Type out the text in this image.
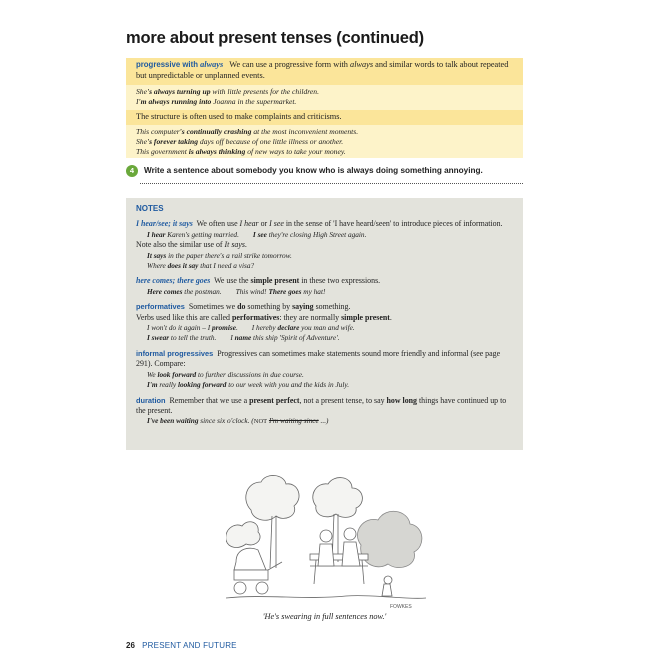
more about present tenses (continued)
progressive with always We can use a progressive form with always and similar words to talk about repeated but unpredictable or unplanned events.
She's always turning up with little presents for the children.
I'm always running into Joanna in the supermarket.
The structure is often used to make complaints and criticisms.
This computer's continually crashing at the most inconvenient moments.
She's forever taking days off because of one little illness or another.
This government is always thinking of new ways to take your money.
4 Write a sentence about somebody you know who is always doing something annoying.
NOTES
I hear/see; it says We often use I hear or I see in the sense of 'I have heard/seen' to introduce pieces of information.
I hear Karen's getting married. I see they're closing High Street again.
Note also the similar use of It says.
It says in the paper there's a rail strike tomorrow.
Where does it say that I need a visa?
here comes; there goes We use the simple present in these two expressions.
Here comes the postman. This wind! There goes my hat!
performatives Sometimes we do something by saying something.
Verbs used like this are called performatives: they are normally simple present.
I won't do it again – I promise. I hereby declare you man and wife.
I swear to tell the truth. I name this ship 'Spirit of Adventure'.
informal progressives Progressives can sometimes make statements sound more friendly and informal (see page 291). Compare:
We look forward to further discussions in due course.
I'm really looking forward to our week with you and the kids in July.
duration Remember that we use a present perfect, not a present tense, to say how long things have continued up to the present.
I've been waiting since six o'clock. (NOT I'm waiting since ...)
FOWKES
'He's swearing in full sentences now.'
26 PRESENT AND FUTURE
